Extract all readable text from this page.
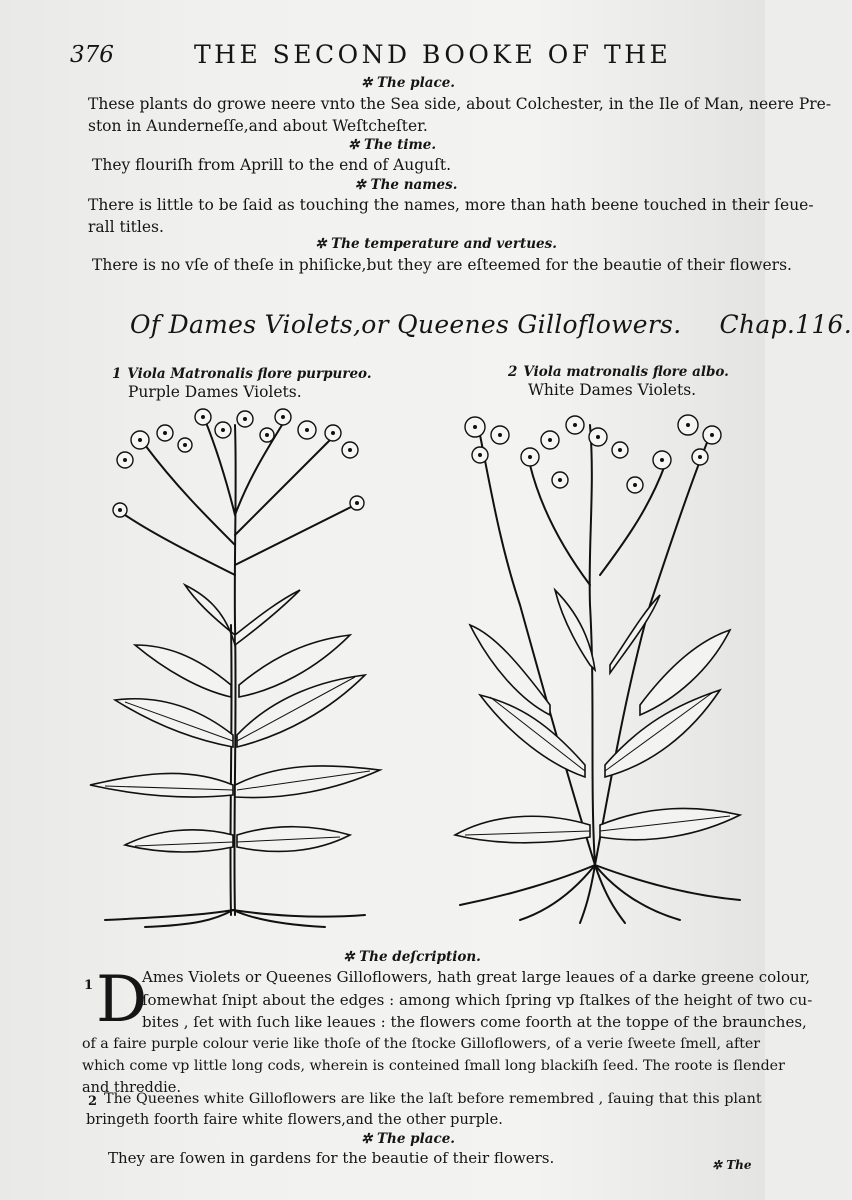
376	THE SECOND BOOKE OF THE
✲ The place.
These plants do growe neere vnto the Sea side, about Colchester, in the Ile of Man, neere Pre-
ston in Aunderneſſe,and about Weſtcheſter.
✲ The time.
They flouriſh from Aprill to the end of Auguſt.
✲ The names.
There is little to be ſaid as touching the names, more than hath beene touched in their ſeue-
rall titles.
✲ The temperature and vertues.
There is no vſe of theſe in phiſicke,but they are eſteemed for the beautie of their flowers.
Of Dames Violets,or Queenes Gilloflowers. Chap.116.
1 Viola Matronalis flore purpureo.
Purple Dames Violets.
2 Viola matronalis flore albo.
White Dames Violets.
✲ The deſcription.
1 D
Ames Violets or Queenes Gilloflowers, hath great large leaues of a darke greene colour,
ſomewhat ſnipt about the edges : among which ſpring vp ſtalkes of the height of two cu-
bites , ſet with ſuch like leaues : the flowers come foorth at the toppe of the braunches,
of a faire purple colour verie like thoſe of the ſtocke Gilloflowers, of a verie ſweete ſmell, after
which come vp little long cods, wherein is conteined ſmall long blackiſh ſeed. The roote is ſlender
and threddie.
2 The Queenes white Gilloflowers are like the laſt before remembred , ſauing that this plant
bringeth foorth faire white flowers,and the other purple.
✲ The place.
They are ſowen in gardens for the beautie of their flowers.	✲ The
